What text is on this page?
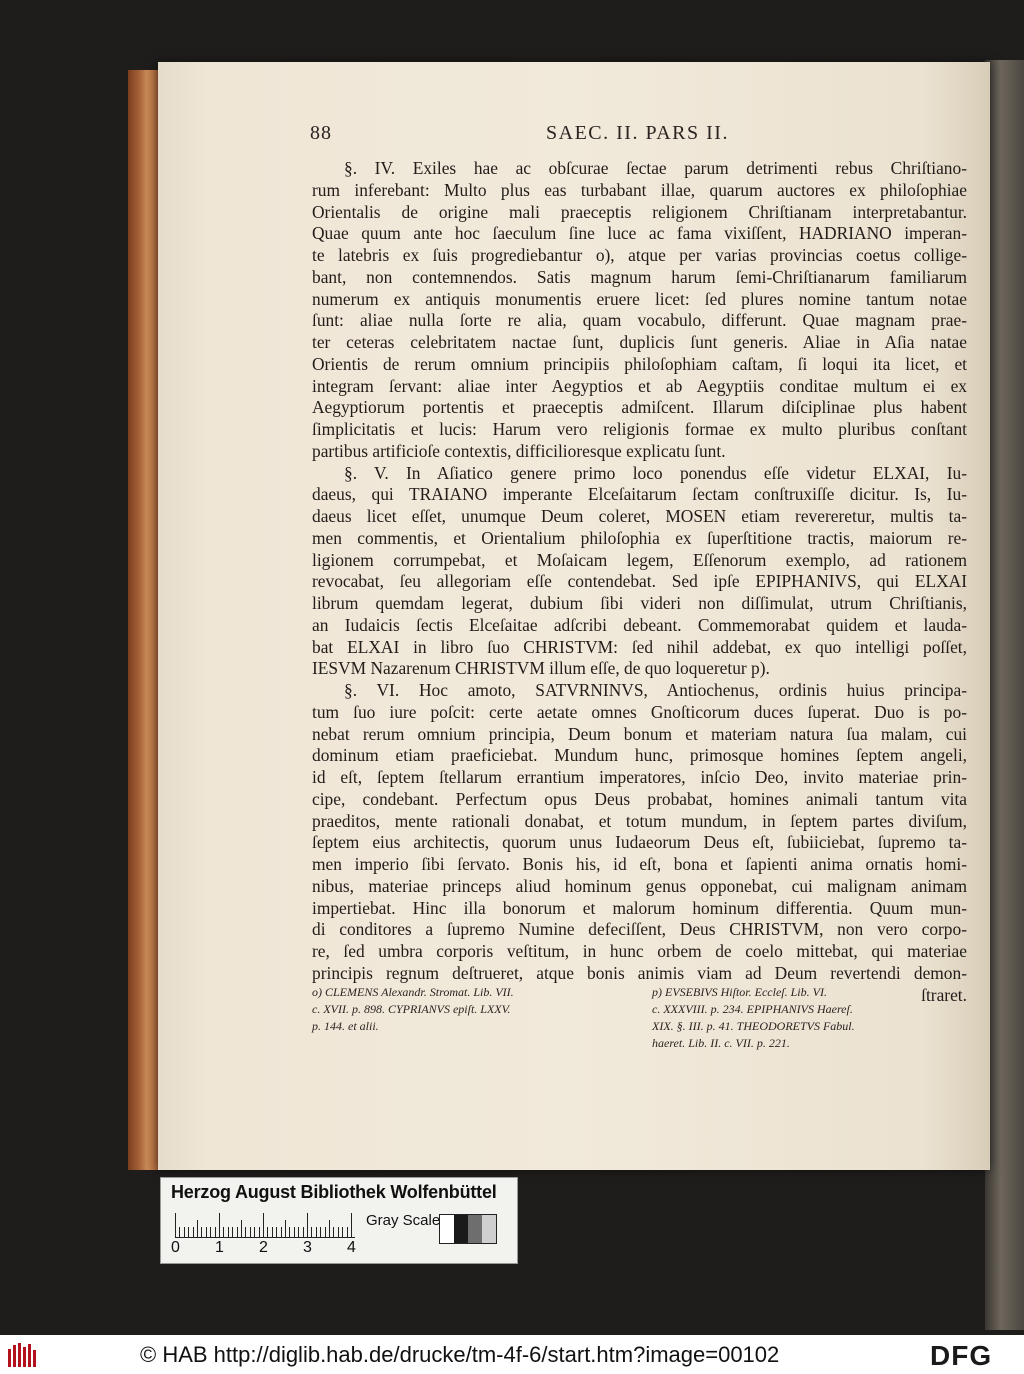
88	SAEC. II. PARS II.
§. IV. Exiles hae ac obſcurae ſectae parum detrimenti rebus Chriſtiano-
rum inferebant: Multo plus eas turbabant illae, quarum auctores ex philoſophiae
Orientalis de origine mali praeceptis religionem Chriſtianam interpretabantur.
Quae quum ante hoc ſaeculum ſine luce ac fama vixiſſent, HADRIANO imperan-
te latebris ex ſuis progrediebantur o), atque per varias provincias coetus collige-
bant, non contemnendos. Satis magnum harum ſemi-Chriſtianarum familiarum
numerum ex antiquis monumentis eruere licet: ſed plures nomine tantum notae
ſunt: aliae nulla ſorte re alia, quam vocabulo, differunt. Quae magnam prae-
ter ceteras celebritatem nactae ſunt, duplicis ſunt generis. Aliae in Aſia natae
Orientis de rerum omnium principiis philoſophiam caſtam, ſi loqui ita licet, et
integram ſervant: aliae inter Aegyptios et ab Aegyptiis conditae multum ei ex
Aegyptiorum portentis et praeceptis admiſcent. Illarum diſciplinae plus habent
ſimplicitatis et lucis: Harum vero religionis formae ex multo pluribus conſtant
partibus artificioſe contextis, difficilioresque explicatu ſunt.
§. V. In Aſiatico genere primo loco ponendus eſſe videtur ELXAI, Iu-
daeus, qui TRAIANO imperante Elceſaitarum ſectam conſtruxiſſe dicitur. Is, Iu-
daeus licet eſſet, unumque Deum coleret, MOSEN etiam revereretur, multis ta-
men commentis, et Orientalium philoſophia ex ſuperſtitione tractis, maiorum re-
ligionem corrumpebat, et Moſaicam legem, Eſſenorum exemplo, ad rationem
revocabat, ſeu allegoriam eſſe contendebat. Sed ipſe EPIPHANIVS, qui ELXAI
librum quemdam legerat, dubium ſibi videri non diſſimulat, utrum Chriſtianis,
an Iudaicis ſectis Elceſaitae adſcribi debeant. Commemorabat quidem et lauda-
bat ELXAI in libro ſuo CHRISTVM: ſed nihil addebat, ex quo intelligi poſſet,
IESVM Nazarenum CHRISTVM illum eſſe, de quo loqueretur p).
§. VI. Hoc amoto, SATVRNINVS, Antiochenus, ordinis huius principa-
tum ſuo iure poſcit: certe aetate omnes Gnoſticorum duces ſuperat. Duo is po-
nebat rerum omnium principia, Deum bonum et materiam natura ſua malam, cui
dominum etiam praeficiebat. Mundum hunc, primosque homines ſeptem angeli,
id eſt, ſeptem ſtellarum errantium imperatores, inſcio Deo, invito materiae prin-
cipe, condebant. Perfectum opus Deus probabat, homines animali tantum vita
praeditos, mente rationali donabat, et totum mundum, in ſeptem partes diviſum,
ſeptem eius architectis, quorum unus Iudaeorum Deus eſt, ſubiiciebat, ſupremo ta-
men imperio ſibi ſervato. Bonis his, id eſt, bona et ſapienti anima ornatis homi-
nibus, materiae princeps aliud hominum genus opponebat, cui malignam animam
impertiebat. Hinc illa bonorum et malorum hominum differentia. Quum mun-
di conditores a ſupremo Numine defeciſſent, Deus CHRISTVM, non vero corpo-
re, ſed umbra corporis veſtitum, in hunc orbem de coelo mittebat, qui materiae
principis regnum deſtrueret, atque bonis animis viam ad Deum revertendi demon-
ſtraret.
o) CLEMENS Alexandr. Stromat. Lib. VII.
c. XVII. p. 898. CYPRIANVS epiſt. LXXV.
p. 144. et alii.
p) EVSEBIVS Hiſtor. Eccleſ. Lib. VI.
c. XXXVIII. p. 234. EPIPHANIVS Haereſ.
XIX. §. III. p. 41. THEODORETVS Fabul.
haeret. Lib. II. c. VII. p. 221.
Herzog August Bibliothek Wolfenbüttel
0 1 2 3 4
Gray Scale
© HAB http://diglib.hab.de/drucke/tm-4f-6/start.htm?image=00102	DFG
